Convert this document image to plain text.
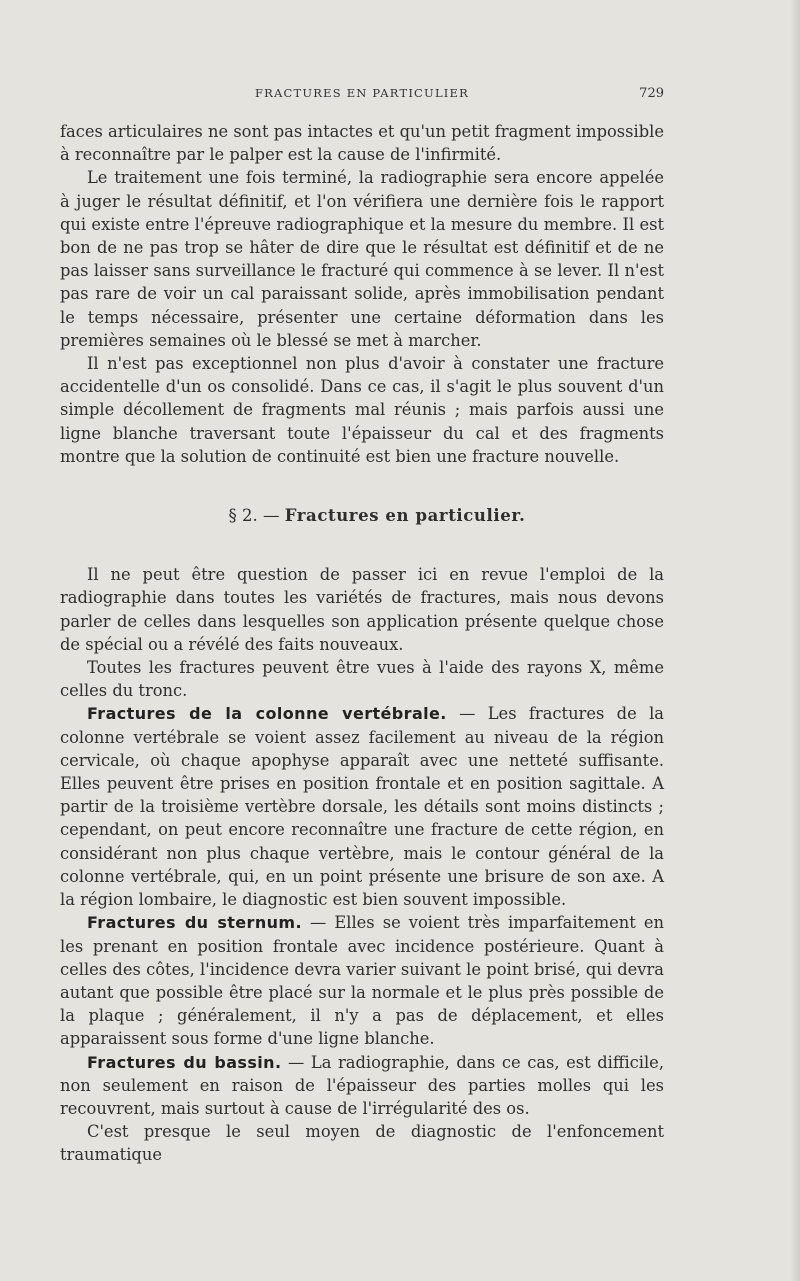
FRACTURES EN PARTICULIER	729

faces articulaires ne sont pas intactes et qu'un petit fragment impossible à reconnaître par le palper est la cause de l'infirmité.

Le traitement une fois terminé, la radiographie sera encore appelée à juger le résultat définitif, et l'on vérifiera une dernière fois le rapport qui existe entre l'épreuve radiographique et la mesure du membre. Il est bon de ne pas trop se hâter de dire que le résultat est définitif et de ne pas laisser sans surveillance le fracturé qui commence à se lever. Il n'est pas rare de voir un cal paraissant solide, après immobilisation pendant le temps nécessaire, présenter une certaine déformation dans les premières semaines où le blessé se met à marcher.

Il n'est pas exceptionnel non plus d'avoir à constater une fracture accidentelle d'un os consolidé. Dans ce cas, il s'agit le plus souvent d'un simple décollement de fragments mal réunis ; mais parfois aussi une ligne blanche traversant toute l'épaisseur du cal et des fragments montre que la solution de continuité est bien une fracture nouvelle.

§ 2. — Fractures en particulier.

Il ne peut être question de passer ici en revue l'emploi de la radiographie dans toutes les variétés de fractures, mais nous devons parler de celles dans lesquelles son application présente quelque chose de spécial ou a révélé des faits nouveaux.

Toutes les fractures peuvent être vues à l'aide des rayons X, même celles du tronc.

Fractures de la colonne vertébrale. — Les fractures de la colonne vertébrale se voient assez facilement au niveau de la région cervicale, où chaque apophyse apparaît avec une netteté suffisante. Elles peuvent être prises en position frontale et en position sagittale. A partir de la troisième vertèbre dorsale, les détails sont moins distincts ; cependant, on peut encore reconnaître une fracture de cette région, en considérant non plus chaque vertèbre, mais le contour général de la colonne vertébrale, qui, en un point présente une brisure de son axe. A la région lombaire, le diagnostic est bien souvent impossible.

Fractures du sternum. — Elles se voient très imparfaitement en les prenant en position frontale avec incidence postérieure. Quant à celles des côtes, l'incidence devra varier suivant le point brisé, qui devra autant que possible être placé sur la normale et le plus près possible de la plaque ; généralement, il n'y a pas de déplacement, et elles apparaissent sous forme d'une ligne blanche.

Fractures du bassin. — La radiographie, dans ce cas, est difficile, non seulement en raison de l'épaisseur des parties molles qui les recouvrent, mais surtout à cause de l'irrégularité des os.

C'est presque le seul moyen de diagnostic de l'enfoncement traumatique
